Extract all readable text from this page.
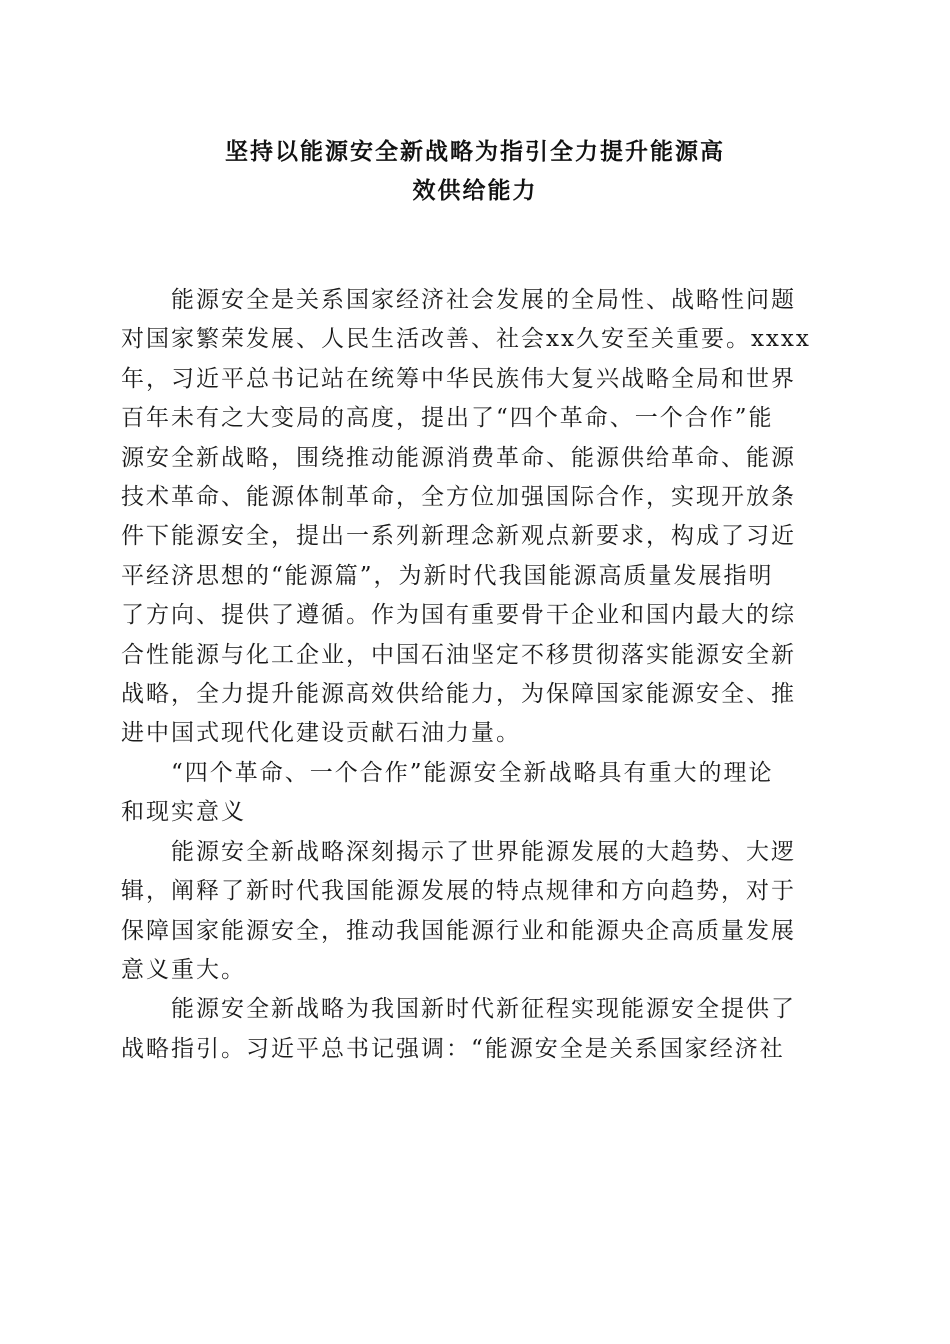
坚持以能源安全新战略为指引全力提升能源高
效供给能力
能源安全是关系国家经济社会发展的全局性、战略性问题
对国家繁荣发展、人民生活改善、社会xx久安至关重要。xxxx
年，习近平总书记站在统筹中华民族伟大复兴战略全局和世界
百年未有之大变局的高度，提出了“四个革命、一个合作”能
源安全新战略，围绕推动能源消费革命、能源供给革命、能源
技术革命、能源体制革命，全方位加强国际合作，实现开放条
件下能源安全，提出一系列新理念新观点新要求，构成了习近
平经济思想的“能源篇”，为新时代我国能源高质量发展指明
了方向、提供了遵循。作为国有重要骨干企业和国内最大的综
合性能源与化工企业，中国石油坚定不移贯彻落实能源安全新
战略，全力提升能源高效供给能力，为保障国家能源安全、推
进中国式现代化建设贡献石油力量。
“四个革命、一个合作”能源安全新战略具有重大的理论
和现实意义
能源安全新战略深刻揭示了世界能源发展的大趋势、大逻
辑，阐释了新时代我国能源发展的特点规律和方向趋势，对于
保障国家能源安全，推动我国能源行业和能源央企高质量发展
意义重大。
能源安全新战略为我国新时代新征程实现能源安全提供了
战略指引。习近平总书记强调：“能源安全是关系国家经济社
